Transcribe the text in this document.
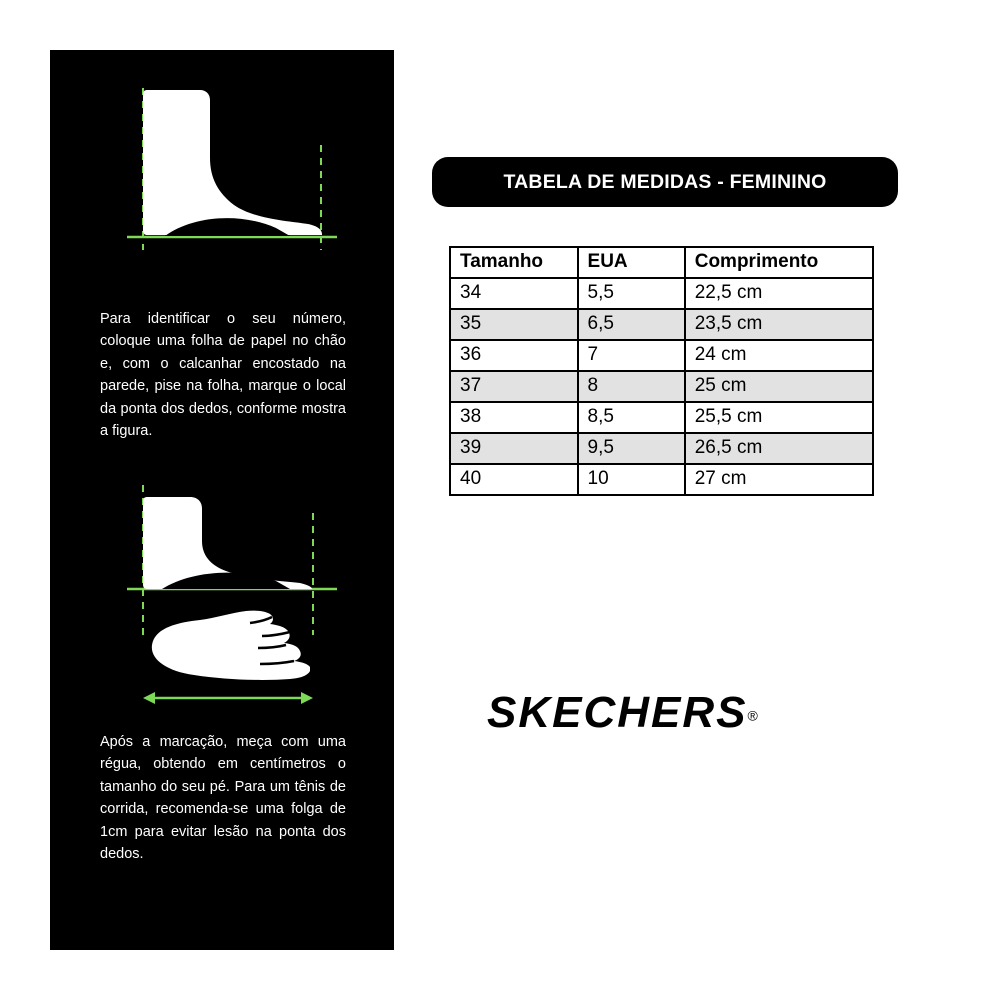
Para identificar o seu número, coloque uma folha de papel no chão e, com o calcanhar encostado na parede, pise na folha, marque o local da ponta dos dedos, conforme mostra a figura.
Após a marcação, meça com uma régua, obtendo em centímetros o tamanho do seu pé. Para um tênis de corrida, recomenda-se uma folga de 1cm para evitar lesão na ponta dos dedos.
TABELA DE MEDIDAS - FEMININO
Tamanho	EUA	Comprimento
34	5,5	22,5 cm
35	6,5	23,5 cm
36	7	24 cm
37	8	25 cm
38	8,5	25,5 cm
39	9,5	26,5 cm
40	10	27 cm
SKECHERS®
